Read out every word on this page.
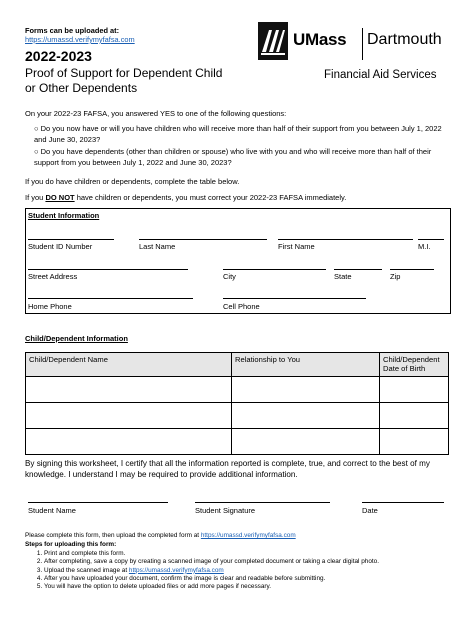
Forms can be uploaded at:
https://umassd.verifymyfafsa.com
2022-2023
Proof of Support for Dependent Child
or Other Dependents
UMass Dartmouth
Financial Aid Services
On your 2022-23 FAFSA, you answered YES to one of the following questions:
○ Do you now have or will you have children who will receive more than half of their support from you between July 1, 2022 and June 30, 2023?
○ Do you have dependents (other than children or spouse) who live with you and who will receive more than half of their support from you between July 1, 2022 and June 30, 2023?
If you do have children or dependents, complete the table below.
If you DO NOT have children or dependents, you must correct your 2022-23 FAFSA immediately.
Student Information
Student ID Number	Last Name	First Name	M.I.
Street Address	City	State	Zip
Home Phone	Cell Phone
Child/Dependent Information
Child/Dependent Name	Relationship to You	Child/Dependent Date of Birth

By signing this worksheet, I certify that all the information reported is complete, true, and correct to the best of my knowledge. I understand I may be required to provide additional information.
Student Name	Student Signature	Date
Please complete this form, then upload the completed form at https://umassd.verifymyfafsa.com
Steps for uploading this form:
1. Print and complete this form.
2. After completing, save a copy by creating a scanned image of your completed document or taking a clear digital photo.
3. Upload the scanned image at https://umassd.verifymyfafsa.com
4. After you have uploaded your document, confirm the image is clear and readable before submitting.
5. You will have the option to delete uploaded files or add more pages if necessary.
